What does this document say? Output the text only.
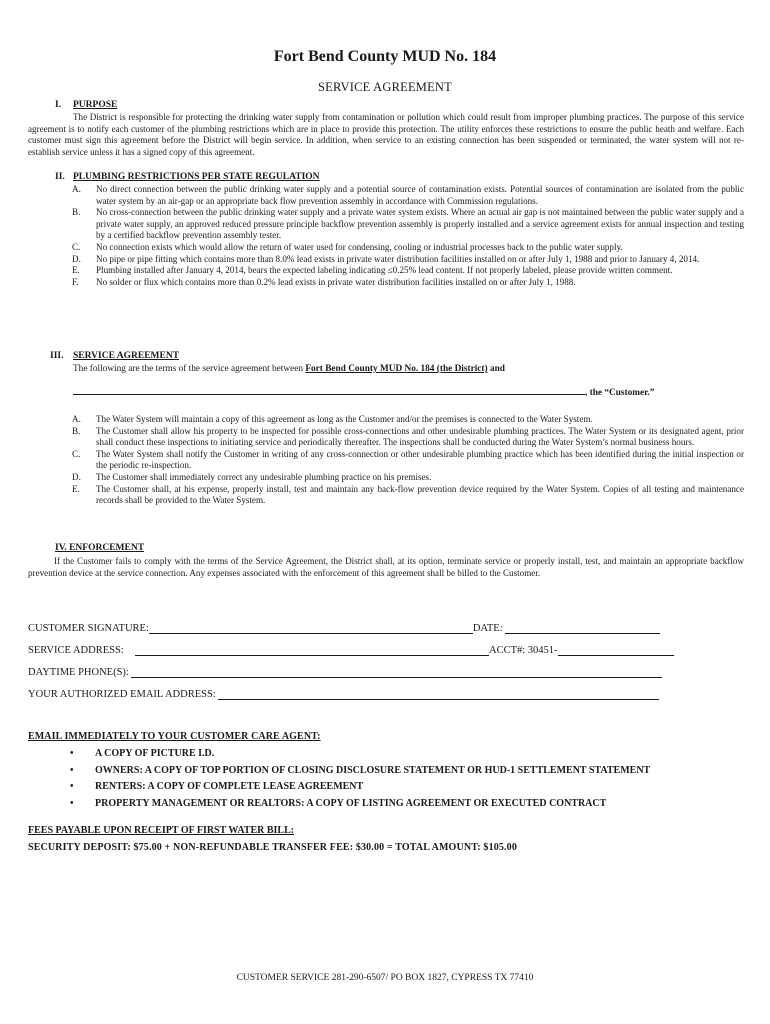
Fort Bend County MUD No. 184
SERVICE AGREEMENT
I. PURPOSE
The District is responsible for protecting the drinking water supply from contamination or pollution which could result from improper plumbing practices. The purpose of this service agreement is to notify each customer of the plumbing restrictions which are in place to provide this protection. The utility enforces these restrictions to ensure the public heath and welfare. Each customer must sign this agreement before the District will begin service. In addition, when service to an existing connection has been suspended or terminated, the water system will not re-establish service unless it has a signed copy of this agreement.
II. PLUMBING RESTRICTIONS PER STATE REGULATION
A.	No direct connection between the public drinking water supply and a potential source of contamination exists. Potential sources of contamination are isolated from the public water system by an air-gap or an appropriate back flow prevention assembly in accordance with Commission regulations.
B.	No cross-connection between the public drinking water supply and a private water system exists. Where an actual air gap is not maintained between the public water supply and a private water supply, an approved reduced pressure principle backflow prevention assembly is properly installed and a service agreement exists for annual inspection and testing by a certified backflow prevention assembly tester.
C.	No connection exists which would allow the return of water used for condensing, cooling or industrial processes back to the public water supply.
D.	No pipe or pipe fitting which contains more than 8.0% lead exists in private water distribution facilities installed on or after July 1, 1988 and prior to January 4, 2014.
E.	Plumbing installed after January 4, 2014, bears the expected labeling indicating ≤0.25% lead content. If not properly labeled, please provide written comment.
F.	No solder or flux which contains more than 0.2% lead exists in private water distribution facilities installed on or after July 1, 1988.
III. SERVICE AGREEMENT
The following are the terms of the service agreement between Fort Bend County MUD No. 184 (the District) and
, the “Customer.”
A.	The Water System will maintain a copy of this agreement as long as the Customer and/or the premises is connected to the Water System.
B.	The Customer shall allow his property to be inspected for possible cross-connections and other undesirable plumbing practices. The Water System or its designated agent, prior shall conduct these inspections to initiating service and periodically thereafter. The inspections shall be conducted during the Water System’s normal business hours.
C.	The Water System shall notify the Customer in writing of any cross-connection or other undesirable plumbing practice which has been identified during the initial inspection or the periodic re-inspection.
D.	The Customer shall immediately correct any undesirable plumbing practice on his premises.
E.	The Customer shall, at his expense, properly install, test and maintain any back-flow prevention device required by the Water System. Copies of all testing and maintenance records shall be provided to the Water System.
IV. ENFORCEMENT
If the Customer fails to comply with the terms of the Service Agreement, the District shall, at its option, terminate service or properly install, test, and maintain an appropriate backflow prevention device at the service connection. Any expenses associated with the enforcement of this agreement shall be billed to the Customer.
CUSTOMER SIGNATURE:	DATE:
SERVICE ADDRESS:	ACCT#: 30451-
DAYTIME PHONE(S):
YOUR AUTHORIZED EMAIL ADDRESS:
EMAIL IMMEDIATELY TO YOUR CUSTOMER CARE AGENT:
•	A COPY OF PICTURE I.D.
•	OWNERS: A COPY OF TOP PORTION OF CLOSING DISCLOSURE STATEMENT OR HUD-1 SETTLEMENT STATEMENT
•	RENTERS: A COPY OF COMPLETE LEASE AGREEMENT
•	PROPERTY MANAGEMENT OR REALTORS: A COPY OF LISTING AGREEMENT OR EXECUTED CONTRACT
FEES PAYABLE UPON RECEIPT OF FIRST WATER BILL:
SECURITY DEPOSIT: $75.00 + NON-REFUNDABLE TRANSFER FEE: $30.00 = TOTAL AMOUNT: $105.00
CUSTOMER SERVICE 281-290-6507/ PO BOX 1827, CYPRESS TX 77410
